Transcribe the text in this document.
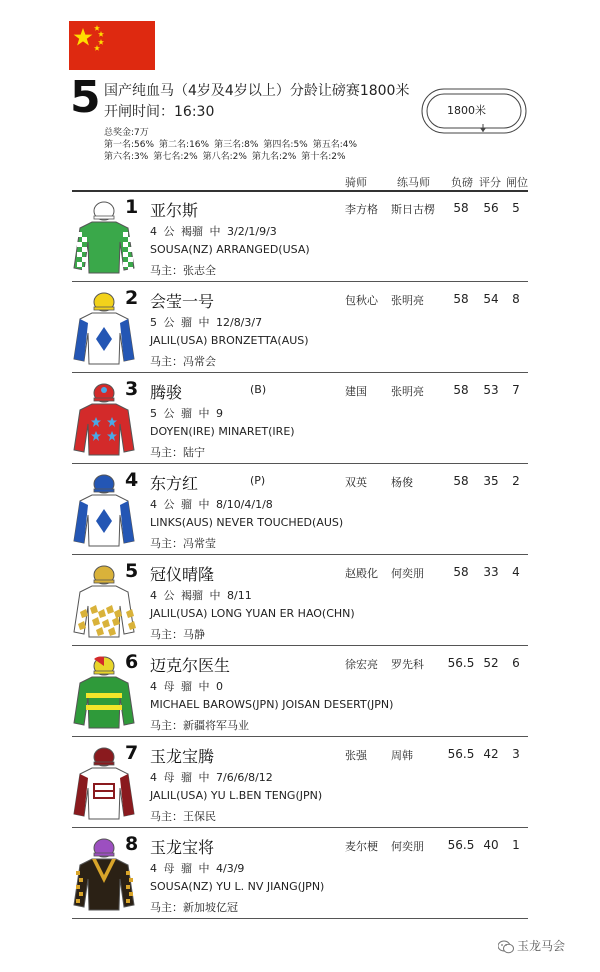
5 国产纯血马（4岁及4岁以上）分龄让磅赛1800米
开闸时间：16:30	1800米
总奖金:7万
第一名:56% 第二名:16% 第三名:8% 第四名:5% 第五名:4%
第六名:3% 第七名:2% 第八名:2% 第九名:2% 第十名:2%
骑师	练马师 负磅 评分 闸位
1 亚尔斯	李方格 斯日古楞	58	56	5
4 公 褐骝 中 3/2/1/9/3
SOUSA(NZ) ARRANGED(USA)
马主：张志全
2 会莹一号	包秋心 张明亮	58	54	8
5 公 骝 中 12/8/3/7
JALIL(USA) BRONZETTA(AUS)
马主：冯常会
3 腾骏	(B)	建国 张明亮	58	53	7
5 公 骝 中 9
DOYEN(IRE) MINARET(IRE)
马主：陆宁
4 东方红	(P)	双英 杨俊	58	35	2
4 公 骝 中 8/10/4/1/8
LINKS(AUS) NEVER TOUCHED(AUS)
马主：冯常莹
5 冠仪晴隆	赵殿化 何奕朋	58	33	4
4 公 褐骝 中 8/11
JALIL(USA) LONG YUAN ER HAO(CHN)
马主：马静
6 迈克尔医生	徐宏亮 罗先科 56.5 52	6
4 母 骝 中 0
MICHAEL BAROWS(JPN) JOISAN DESERT(JPN)
马主：新疆将军马业
7 玉龙宝腾	张强 周韩	56.5 42	3
4 母 骝 中 7/6/6/8/12
JALIL(USA) YU L.BEN TENG(JPN)
马主：王保民
8 玉龙宝将	麦尔梗 何奕朋 56.5 40	1
4 母 骝 中 4/3/9
SOUSA(NZ) YU L. NV JIANG(JPN)
马主：新加坡亿冠
玉龙马会
